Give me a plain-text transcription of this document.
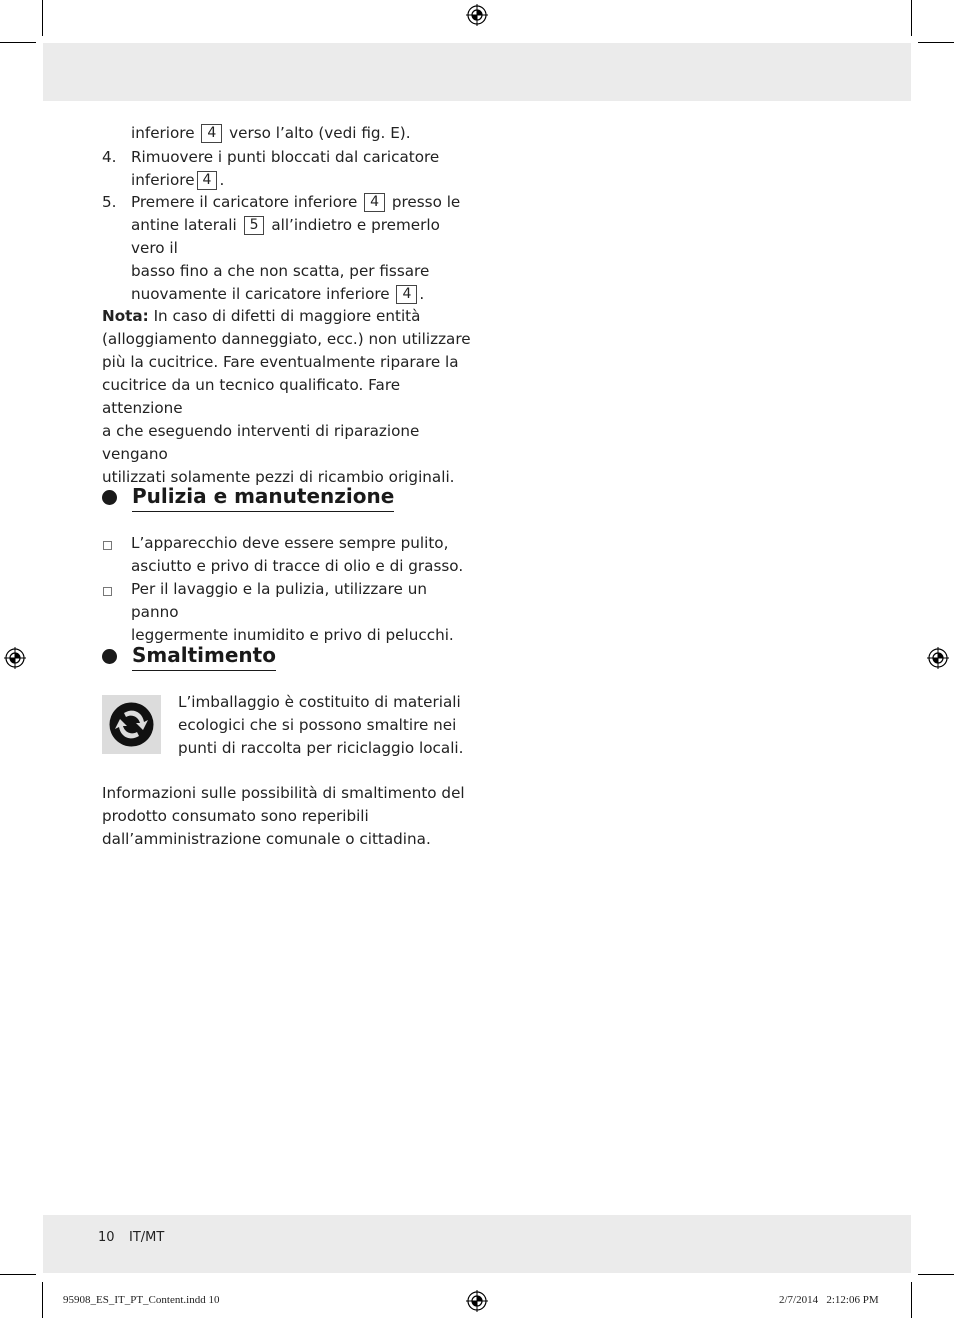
inferiore 4 verso l’alto (vedi fig. E).
4. Rimuovere i punti bloccati dal caricatore
inferiore 4 .
5. Premere il caricatore inferiore 4 presso le
antine laterali 5 all’indietro e premerlo vero il
basso fino a che non scatta, per fissare
nuovamente il caricatore inferiore 4 .
Nota: In caso di difetti di maggiore entità
(alloggiamento danneggiato, ecc.) non utilizzare
più la cucitrice. Fare eventualmente riparare la
cucitrice da un tecnico qualificato. Fare attenzione
a che eseguendo interventi di riparazione vengano
utilizzati solamente pezzi di ricambio originali.
Pulizia e manutenzione
L’apparecchio deve essere sempre pulito,
asciutto e privo di tracce di olio e di grasso.
Per il lavaggio e la pulizia, utilizzare un panno
leggermente inumidito e privo di pelucchi.
Smaltimento
L’imballaggio è costituito di materiali
ecologici che si possono smaltire nei
punti di raccolta per riciclaggio locali.
Informazioni sulle possibilità di smaltimento del
prodotto consumato sono reperibili
dall’amministrazione comunale o cittadina.
10 IT/MT
95908_ES_IT_PT_Content.indd 10	2/7/2014   2:12:06 PM
